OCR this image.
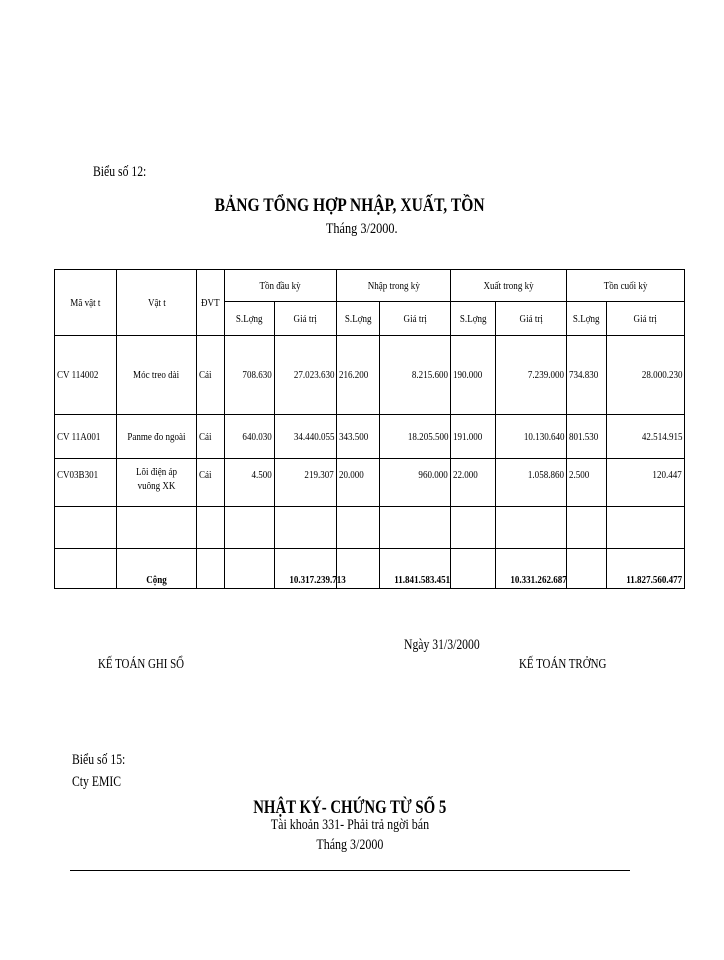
Biểu số 12:
BẢNG TỔNG HỢP NHẬP, XUẤT, TỒN
Tháng 3/2000.
Mã vật t	Vật t	ĐVT	Tồn đầu kỳ		Nhập trong kỳ		Xuất trong kỳ		Tồn cuối kỳ	
			S.Lợng	Giá trị	S.Lợng	Giá trị	S.Lợng	Giá trị	S.Lợng	Giá trị
CV 114002	Móc treo dài	Cái	708.630	27.023.630	216.200	8.215.600	190.000	7.239.000	734.830	28.000.230
CV 11A001	Panme đo ngoài	Cái	640.030	34.440.055	343.500	18.205.500	191.000	10.130.640	801.530	42.514.915
CV03B301	Lõi điện áp vuông XK	Cái	4.500	219.307	20.000	960.000	22.000	1.058.860	2.500	120.447

	Cộng			10.317.239.713		11.841.583.451		10.331.262.687		11.827.560.477
Ngày 31/3/2000
KẾ TOÁN GHI SỔ	KẾ TOÁN TRỞNG
Biểu số 15:
Cty EMIC
NHẬT KÝ- CHỨNG TỪ SỐ 5
Tài khoản 331- Phải trả ngời bán
Tháng 3/2000
